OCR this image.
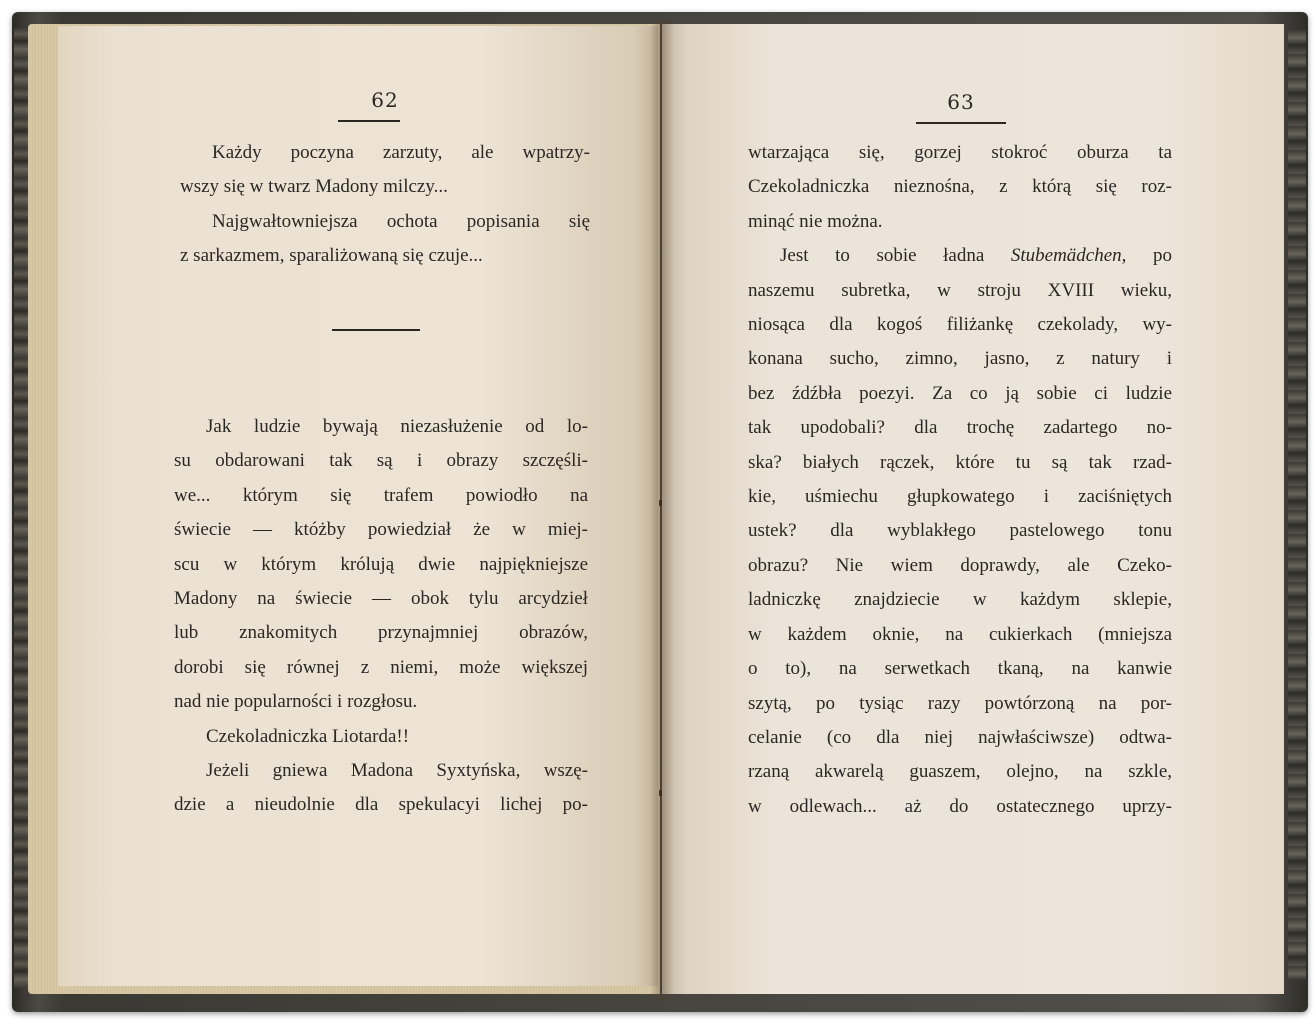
62
Każdy poczyna zarzuty, ale wpatrzy-
wszy się w twarz Madony milczy...
Najgwałtowniejsza ochota popisania się
z sarkazmem, sparaliżowaną się czuje...
Jak ludzie bywają niezasłużenie od lo-
su obdarowani tak są i obrazy szczęśli-
we... którym się trafem powiodło na
świecie — któżby powiedział że w miej-
scu w którym królują dwie najpiękniejsze
Madony na świecie — obok tylu arcydzieł
lub znakomitych przynajmniej obrazów,
dorobi się równej z niemi, może większej
nad nie popularności i rozgłosu.
Czekoladniczka Liotarda!!
Jeżeli gniewa Madona Syxtyńska, wszę-
dzie a nieudolnie dla spekulacyi lichej po-
63
wtarzająca się, gorzej stokroć oburza ta
Czekoladniczka nieznośna, z którą się roz-
minąć nie można.
Jest to sobie ładna Stubemädchen, po
naszemu subretka, w stroju XVIII wieku,
niosąca dla kogoś filiżankę czekolady, wy-
konana sucho, zimno, jasno, z natury i
bez źdźbła poezyi. Za co ją sobie ci ludzie
tak upodobali? dla trochę zadartego no-
ska? białych rączek, które tu są tak rzad-
kie, uśmiechu głupkowatego i zaciśniętych
ustek? dla wyblakłego pastelowego tonu
obrazu? Nie wiem doprawdy, ale Czeko-
ladniczkę znajdziecie w każdym sklepie,
w każdem oknie, na cukierkach (mniejsza
o to), na serwetkach tkaną, na kanwie
szytą, po tysiąc razy powtórzoną na por-
celanie (co dla niej najwłaściwsze) odtwa-
rzaną akwarelą guaszem, olejno, na szkle,
w odlewach... aż do ostatecznego uprzy-
